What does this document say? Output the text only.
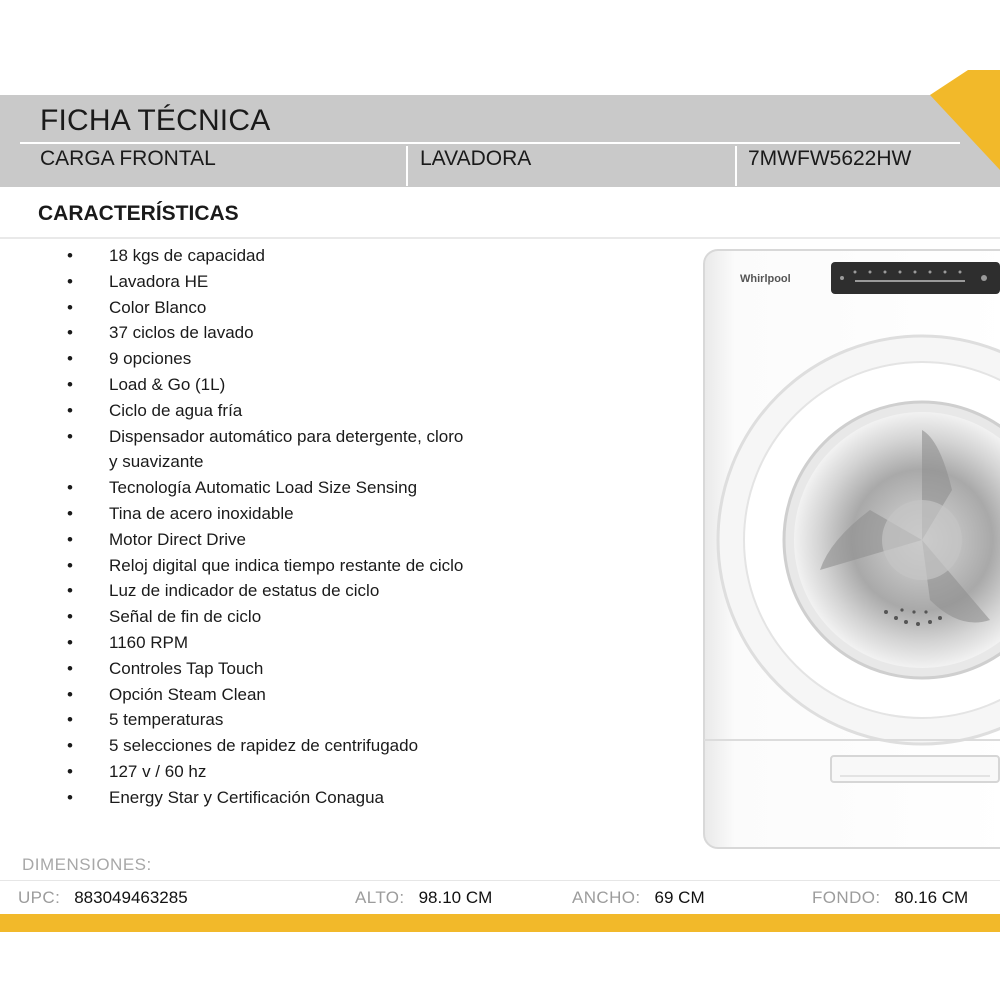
FICHA TÉCNICA
CARGA FRONTAL	LAVADORA	7MWFW5622HW
CARACTERÍSTICAS
• 18 kgs de capacidad
• Lavadora HE
• Color Blanco
• 37 ciclos de lavado
• 9 opciones
• Load & Go (1L)
• Ciclo de agua fría
• Dispensador automático para detergente, cloro y suavizante
• Tecnología Automatic Load Size Sensing
• Tina de acero inoxidable
• Motor Direct Drive
• Reloj digital que indica tiempo restante de ciclo
• Luz de indicador de estatus de ciclo
• Señal de fin de ciclo
• 1160 RPM
• Controles Tap Touch
• Opción Steam Clean
• 5 temperaturas
• 5 selecciones de rapidez de centrifugado
• 127 v / 60 hz
• Energy Star y Certificación Conagua
Whirlpool
DIMENSIONES:
UPC: 883049463285	ALTO: 98.10 CM	ANCHO: 69 CM	FONDO: 80.16 CM
